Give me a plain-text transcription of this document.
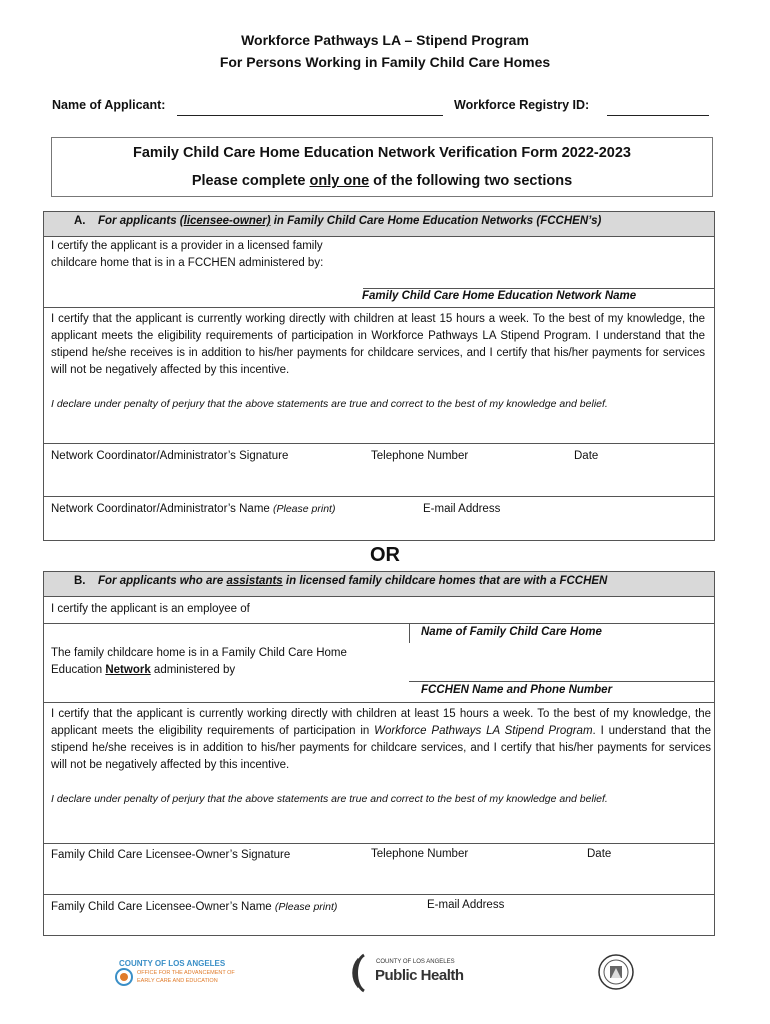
Workforce Pathways LA – Stipend Program
For Persons Working in Family Child Care Homes
Name of Applicant:	Workforce Registry ID:
Family Child Care Home Education Network Verification Form 2022-2023
Please complete only one of the following two sections
A. For applicants (licensee-owner) in Family Child Care Home Education Networks (FCCHEN’s)
I certify the applicant is a provider in a licensed family childcare home that is in a FCCHEN administered by:
Family Child Care Home Education Network Name
I certify that the applicant is currently working directly with children at least 15 hours a week. To the best of my knowledge, the applicant meets the eligibility requirements of participation in Workforce Pathways LA Stipend Program. I understand that the stipend he/she receives is in addition to his/her payments for childcare services, and I certify that his/her payments for services will not be negatively affected by this incentive.
I declare under penalty of perjury that the above statements are true and correct to the best of my knowledge and belief.
Network Coordinator/Administrator’s Signature	Telephone Number	Date
Network Coordinator/Administrator’s Name (Please print)	E-mail Address
OR
B. For applicants who are assistants in licensed family childcare homes that are with a FCCHEN
I certify the applicant is an employee of
Name of Family Child Care Home
The family childcare home is in a Family Child Care Home Education Network administered by
FCCHEN Name and Phone Number
I certify that the applicant is currently working directly with children at least 15 hours a week. To the best of my knowledge, the applicant meets the eligibility requirements of participation in Workforce Pathways LA Stipend Program. I understand that the stipend he/she receives is in addition to his/her payments for childcare services, and I certify that his/her payments for services will not be negatively affected by this incentive.
I declare under penalty of perjury that the above statements are true and correct to the best of my knowledge and belief.
Family Child Care Licensee-Owner’s Signature	Telephone Number	Date
Family Child Care Licensee-Owner’s Name (Please print)	E-mail Address
COUNTY OF LOS ANGELES
OFFICE FOR THE ADVANCEMENT OF
EARLY CARE AND EDUCATION
COUNTY OF LOS ANGELES
Public Health
